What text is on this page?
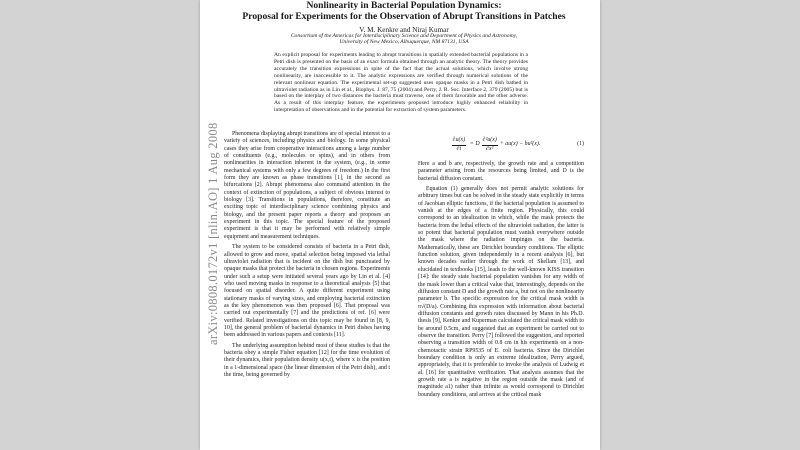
arXiv:0808.0172v1 [nlin.AO] 1 Aug 2008
Nonlinearity in Bacterial Population Dynamics:
Proposal for Experiments for the Observation of Abrupt Transitions in Patches
V. M. Kenkre and Niraj Kumar
Consortium of the Americas for Interdisciplinary Science and Department of Physics and Astronomy,
University of New Mexico, Albuquerque, NM 87131, USA
An explicit proposal for experiments leading to abrupt transitions in spatially extended bacterial populations in a Petri dish is presented on the basis of an exact formula obtained through an analytic theory. The theory provides accurately the transition expressions in spite of the fact that the actual solutions, which involve strong nonlinearity, are inaccessible to it. The analytic expressions are verified through numerical solutions of the relevant nonlinear equation. The experimental set-up suggested uses opaque masks in a Petri dish bathed in ultraviolet radiation as in Lin et al., Biophys. J. 87, 75 (2004) and Perry, J. R. Soc. Interface 2, 379 (2005) but is based on the interplay of two distances the bacteria must traverse, one of them favorable and the other adverse. As a result of this interplay feature, the experiments proposed introduce highly enhanced reliability in interpretation of observations and in the potential for extraction of system parameters.

Phenomena displaying abrupt transitions are of special interest to a variety of sciences, including physics and biology. In some physical cases they arise from cooperative interactions among a large number of constituents (e.g., molecules or spins), and in others from nonlinearities in interaction inherent in the system, (e.g., in some mechanical systems with only a few degrees of freedom.) In the first form they are known as phase transitions [1], in the second as bifurcations [2]. Abrupt phenomena also command attention in the context of extinction of populations, a subject of obvious interest to biology [3]. Transitions in populations, therefore, constitute an exciting topic of interdisciplinary science combining physics and biology, and the present paper reports a theory and proposes an experiment in this topic. The special feature of the proposed experiment is that it may be performed with relatively simple equipment and measurement techniques.

The system to be considered consists of bacteria in a Petri dish, allowed to grow and move, spatial selection being imposed via lethal ultraviolet radiation that is incident on the dish but punctuated by opaque masks that protect the bacteria in chosen regions. Experiments under such a setup were initiated several years ago by Lin et al. [4] who used moving masks in response to a theoretical analysis [5] that focused on spatial disorder. A quite different experiment using stationary masks of varying sizes, and employing bacterial extinction as the key phenomenon was then proposed [6]. That proposal was carried out experimentally [7] and the predictions of ref. [6] were verified. Related investigations on this topic may be found in [8, 9, 10], the general problem of bacterial dynamics in Petri dishes having been addressed in various papers and contexts [11].

The underlying assumption behind most of these studies is that the bacteria obey a simple Fisher equation [12] for the time evolution of their dynamics, their population density u(x,t), where x is the position in a 1-dimensional space (the linear dimension of the Petri dish), and t the time, being governed by

$\frac{\partial u(x)}{\partial t} = D \frac{\text{∂²u(x)}}{\text{∂x²}} + au(x) - bu^2(x)$.	(1)

Here a and b are, respectively, the growth rate and a competition parameter arising from the resources being limited, and D is the bacterial diffusion constant.

Equation (1) generally does not permit analytic solutions for arbitrary times but can be solved in the steady state explicitly in terms of Jacobian elliptic functions, if the bacterial population is assumed to vanish at the edges of a finite region. Physically, this could correspond to an idealization in which, while the mask protects the bacteria from the lethal effects of the ultraviolet radiation, the latter is so potent that bacterial population must vanish everywhere outside the mask where the radiation impinges on the bacteria. Mathematically, these are Dirichlet boundary conditions. The elliptic function solution, given independently in a recent analysis [6], but known decades earlier through the work of Skellam [13], and elucidated in textbooks [15], leads to the well-known KISS transition [14]: the steady state bacterial population vanishes for any width of the mask lower than a critical value that, interestingly, depends on the diffusion constant D and the growth rate a, but not on the nonlinearity parameter b. The specific expression for the critical mask width is π√(D/a). Combining this expression with information about bacterial diffusion constants and growth rates discussed by Mann in his Ph.D. thesis [9], Kenkre and Kuperman calculated the critical mask width to be around 0.5cm, and suggested that an experiment be carried out to observe the transition. Perry [7] followed the suggestion, and reported observing a transition width of 0.8 cm in his experiments on a non-chemotactic strain RP9535 of E. coli bacteria. Since the Dirichlet boundary condition is only an extreme idealization, Perry argued, appropriately, that it is preferable to invoke the analysis of Ludwig et al. [16] for quantitative verification. That analysis assumes that the growth rate a is negative in the region outside the mask (and of magnitude a1) rather than infinite as would correspond to Dirichlet boundary conditions, and arrives at the critical mask
